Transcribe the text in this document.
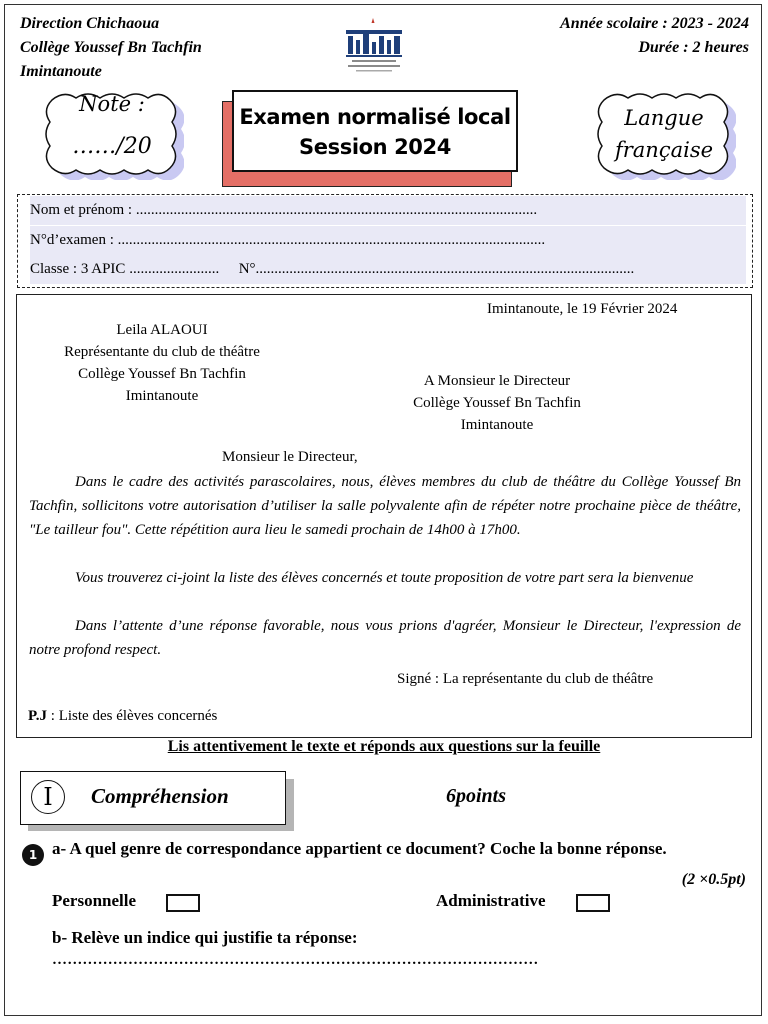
Direction Chichaoua
Collège Youssef Bn Tachfin
Imintanoute
Année scolaire : 2023 - 2024
Durée : 2 heures
Note :
……/20
Examen normalisé local
Session 2024
Langue
française
Nom et prénom : ...........................................................................................................
N°d’examen : ..................................................................................................................
Classe : 3 APIC ........................ N°.....................................................................................................
Imintanoute, le 19 Février 2024
Leila ALAOUI
Représentante du club de théâtre
Collège Youssef Bn Tachfin
Imintanoute
A Monsieur le Directeur
Collège Youssef Bn Tachfin
Imintanoute
Monsieur le Directeur,
Dans le cadre des activités parascolaires, nous, élèves membres du club de théâtre du Collège Youssef Bn Tachfin, sollicitons votre autorisation d’utiliser la salle polyvalente afin de répéter notre prochaine pièce de théâtre, "Le tailleur fou". Cette répétition aura lieu le samedi prochain de 14h00 à 17h00.
Vous trouverez ci-joint la liste des élèves concernés et toute proposition de votre part sera la bienvenue
Dans l’attente d’une réponse favorable, nous vous prions d'agréer, Monsieur le Directeur, l'expression de notre profond respect.
Signé : La représentante du club de théâtre
P.J : Liste des élèves concernés
Lis attentivement le texte et réponds aux questions sur la feuille
I	Compréhension	6points
1 a- A quel genre de correspondance appartient ce document? Coche la bonne réponse.
(2 ×0.5pt)
Personnelle	Administrative
b- Relève un indice qui justifie ta réponse:
……………………………………………………………………………………
